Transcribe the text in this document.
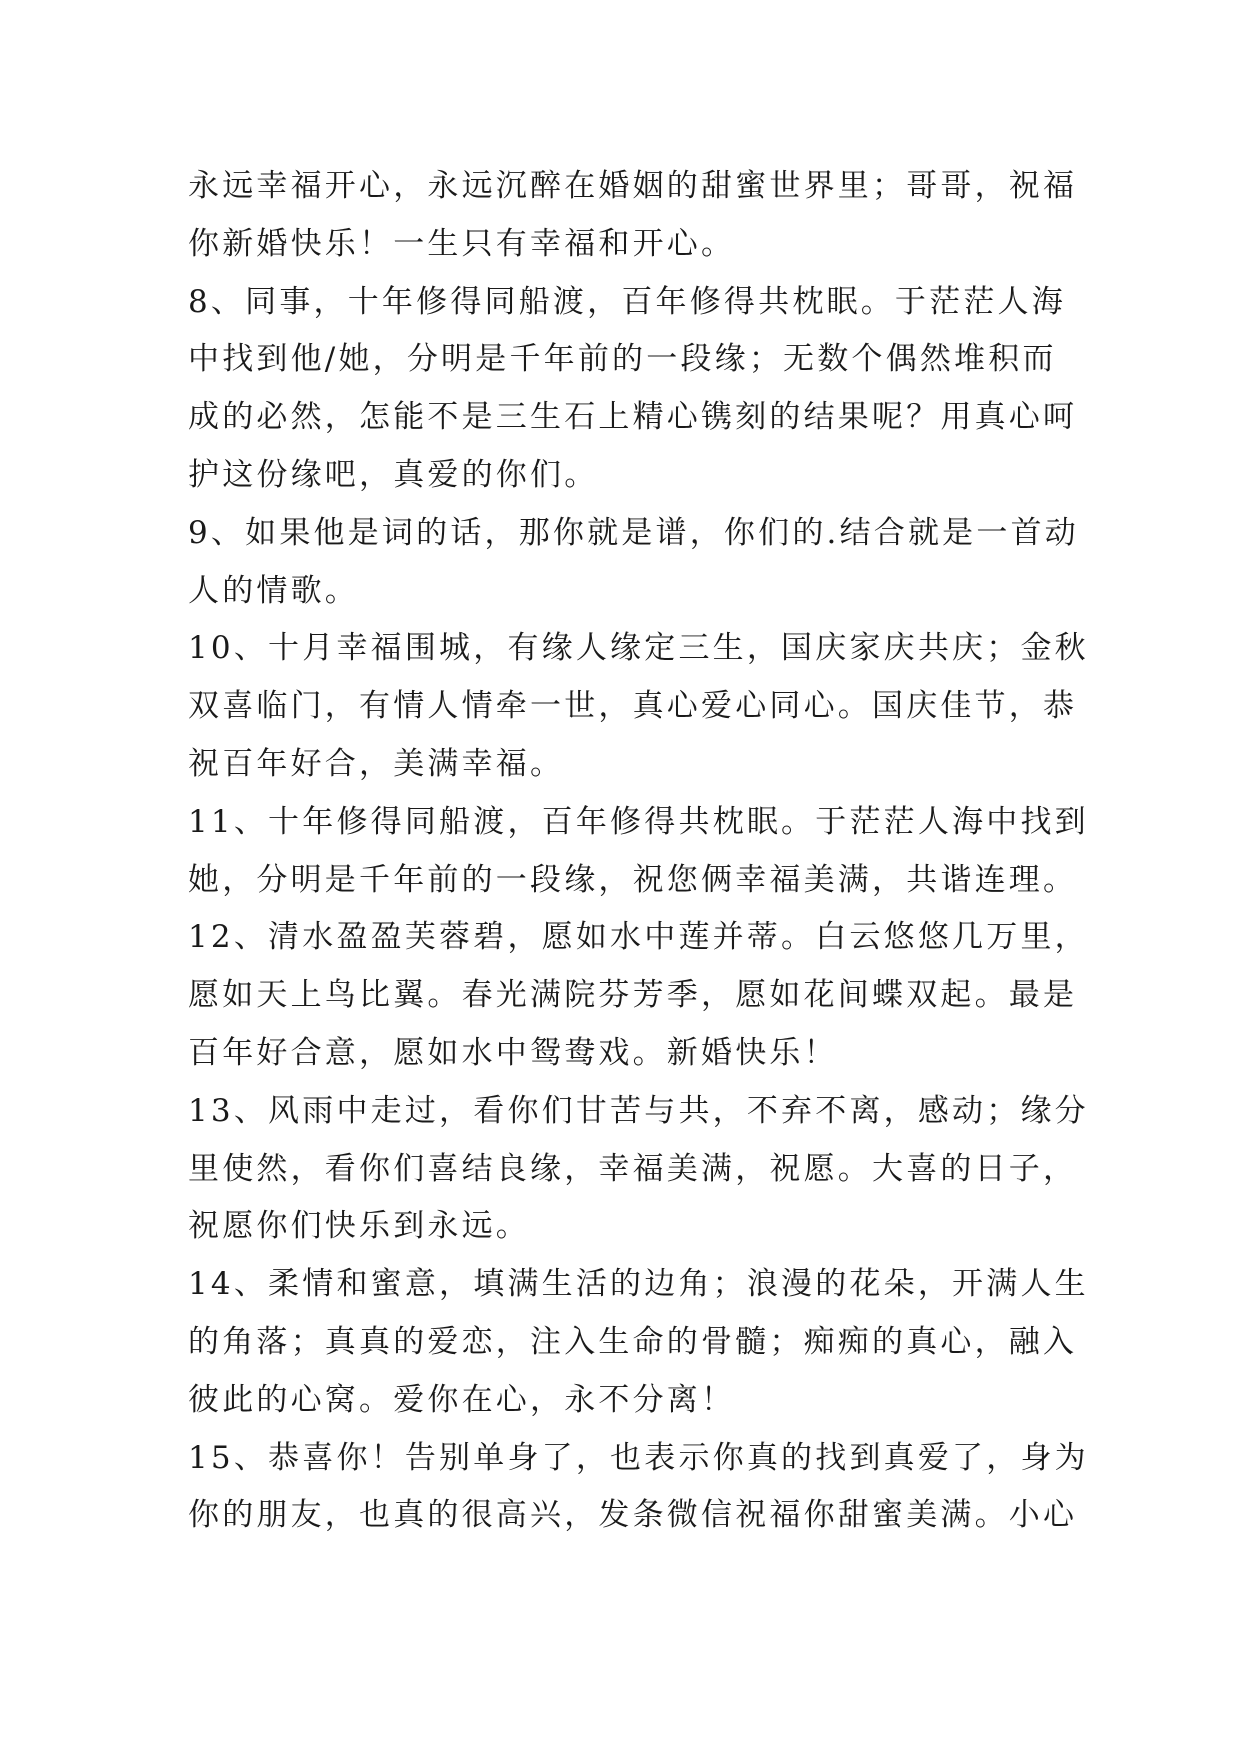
永远幸福开心，永远沉醉在婚姻的甜蜜世界里；哥哥，祝福
你新婚快乐！一生只有幸福和开心。
8、同事，十年修得同船渡，百年修得共枕眠。于茫茫人海
中找到他/她，分明是千年前的一段缘；无数个偶然堆积而
成的必然，怎能不是三生石上精心镌刻的结果呢？用真心呵
护这份缘吧，真爱的你们。
9、如果他是词的话，那你就是谱，你们的.结合就是一首动
人的情歌。
10、十月幸福围城，有缘人缘定三生，国庆家庆共庆；金秋
双喜临门，有情人情牵一世，真心爱心同心。国庆佳节，恭
祝百年好合，美满幸福。
11、十年修得同船渡，百年修得共枕眠。于茫茫人海中找到
她，分明是千年前的一段缘，祝您俩幸福美满，共谐连理。
12、清水盈盈芙蓉碧，愿如水中莲并蒂。白云悠悠几万里，
愿如天上鸟比翼。春光满院芬芳季，愿如花间蝶双起。最是
百年好合意，愿如水中鸳鸯戏。新婚快乐！
13、风雨中走过，看你们甘苦与共，不弃不离，感动；缘分
里使然，看你们喜结良缘，幸福美满，祝愿。大喜的日子，
祝愿你们快乐到永远。
14、柔情和蜜意，填满生活的边角；浪漫的花朵，开满人生
的角落；真真的爱恋，注入生命的骨髓；痴痴的真心，融入
彼此的心窝。爱你在心，永不分离！
15、恭喜你！告别单身了，也表示你真的找到真爱了，身为
你的朋友，也真的很高兴，发条微信祝福你甜蜜美满。小心
